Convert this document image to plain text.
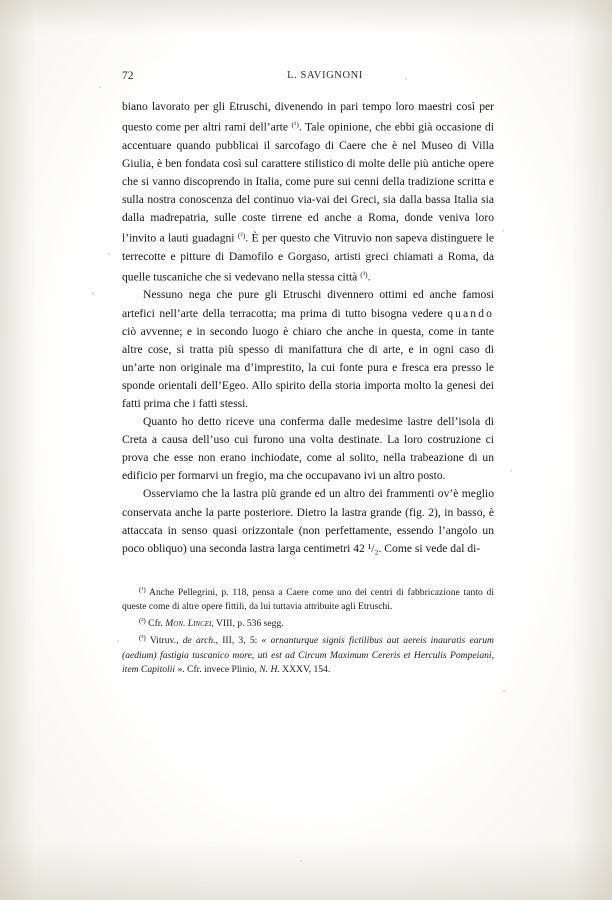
72	L. SAVIGNONI

biano lavorato per gli Etruschi, divenendo in pari tempo loro maestri così per questo come per altri rami dell’arte $^{(^1)}$. Tale opinione, che ebbi già occasione di accentuare quando pubblicai il sarcofago di Caere che è nel Museo di Villa Giulia, è ben fondata così sul carattere stilistico di molte delle più antiche opere che si vanno discoprendo in Italia, come pure sui cenni della tradizione scritta e sulla nostra conoscenza del continuo via-vai dei Greci, sia dalla bassa Italia sia dalla madrepatria, sulle coste tirrene ed anche a Roma, donde veniva loro l’invito a lauti guadagni $^{(^2)}$. È per questo che Vitruvio non sapeva distinguere le terrecotte e pitture di Damofilo e Gorgaso, artisti greci chiamati a Roma, da quelle tuscaniche che si vedevano nella stessa città $^{(^3)}$.

Nessuno nega che pure gli Etruschi divennero ottimi ed anche famosi artefici nell’arte della terracotta; ma prima di tutto bisogna vedere quando ciò avvenne; e in secondo luogo è chiaro che anche in questa, come in tante altre cose, si tratta più spesso di manifattura che di arte, e in ogni caso di un’arte non originale ma d’imprestito, la cui fonte pura e fresca era presso le sponde orientali dell’Egeo. Allo spirito della storia importa molto la genesi dei fatti prima che i fatti stessi.

Quanto ho detto riceve una conferma dalle medesime lastre dell’isola di Creta a causa dell’uso cui furono una volta destinate. La loro costruzione ci prova che esse non erano inchiodate, come al solito, nella trabeazione di un edificio per formarvi un fregio, ma che occupavano ivi un altro posto.

Osserviamo che la lastra più grande ed un altro dei frammenti ov’è meglio conservata anche la parte posteriore. Dietro la lastra grande (fig. 2), in basso, è attaccata in senso quasi orizzontale (non perfettamente, essendo l’angolo un poco obliquo) una seconda lastra larga centimetri 42 ¹/₂. Come si vede dal di-

$^{(^1)}$ Anche Pellegrini, p. 118, pensa a Caere come uno dei centri di fabbricazione tanto di queste come di altre opere fittili, da lui tuttavia attribuite agli Etruschi.

$^{(^2)}$ Cfr. Mon. Lincei, VIII, p. 536 segg.

$^{(^3)}$ Vitruv., de arch., III, 3, 5: « ornanturque signis fictilibus aut aereis inauratis earum (aedium) fastigia tuscanico more, uti est ad Circum Maximum Cereris et Herculis Pompeiani, item Capitolii ». Cfr. invece Plinio, N. H. XXXV, 154.
